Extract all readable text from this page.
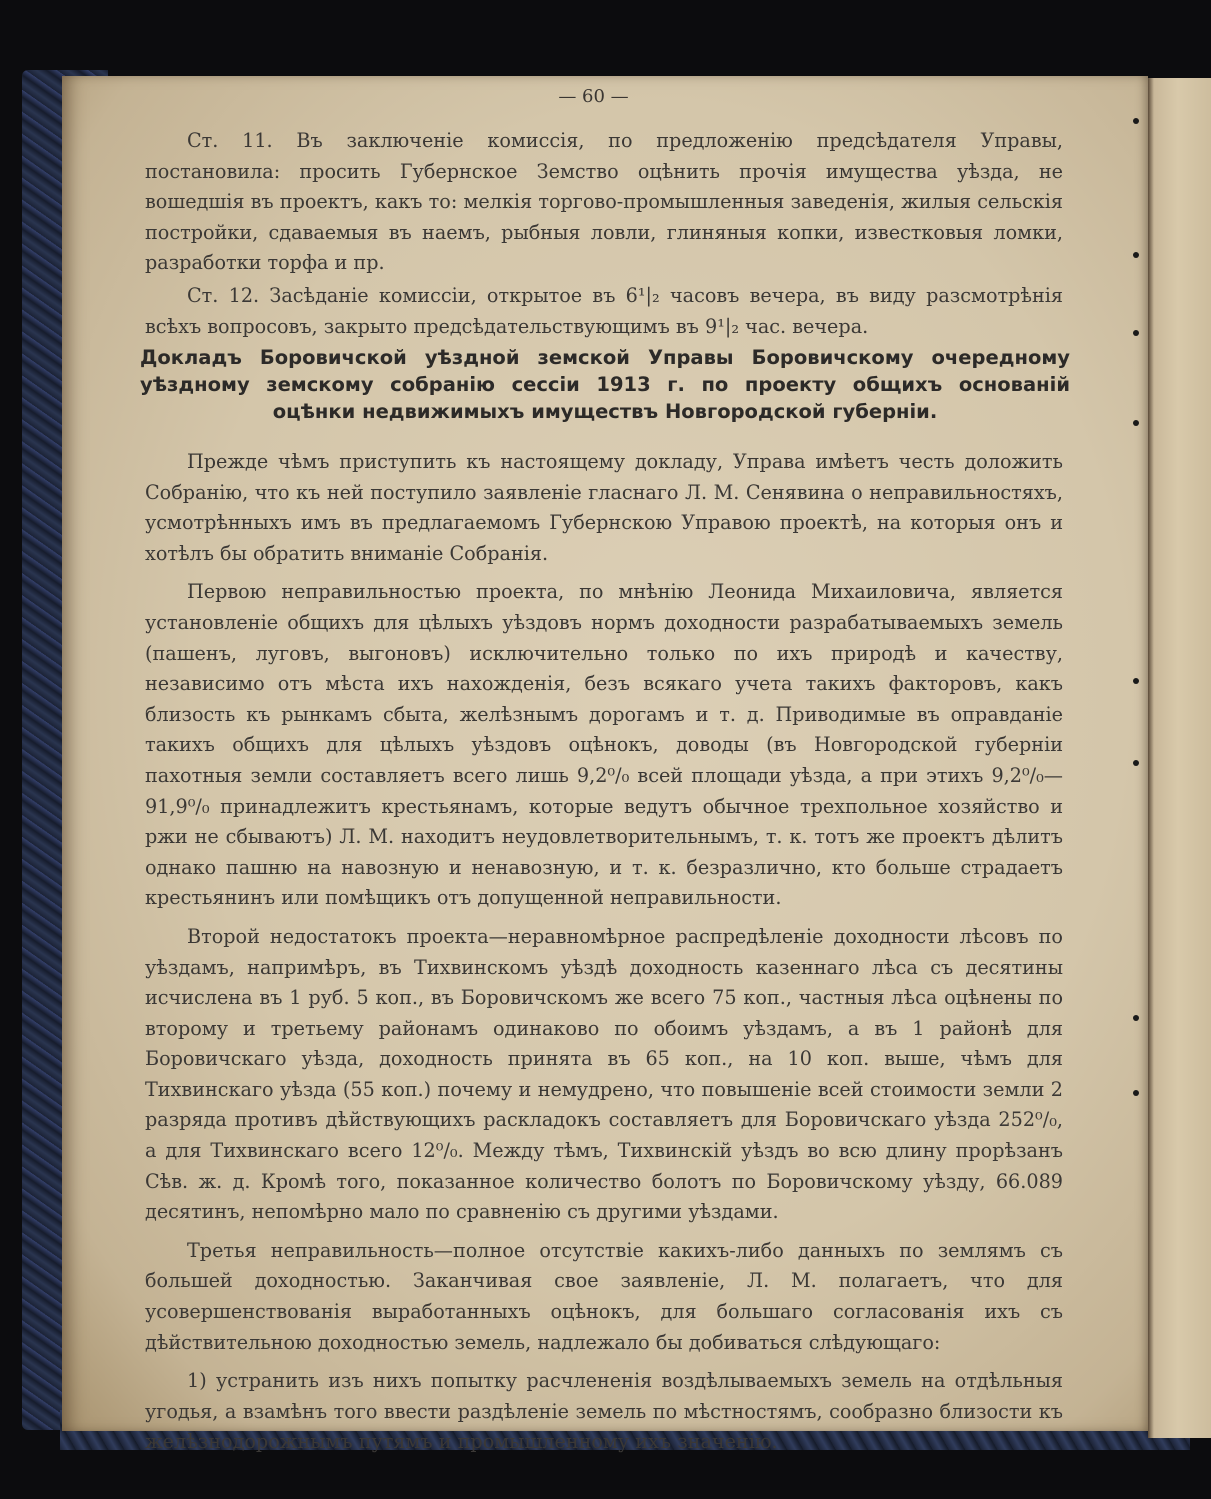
— 60 —

Ст. 11. Въ заключеніе комиссія, по предложенію предсѣдателя Управы, постановила: просить Губернское Земство оцѣнить прочія имущества уѣзда, не вошедшія въ проектъ, какъ то: мелкія торгово-промышленныя заведенія, жилыя сельскія постройки, сдаваемыя въ наемъ, рыбныя ловли, глиняныя копки, известковыя ломки, разработки торфа и пр.

Ст. 12. Засѣданіе комиссіи, открытое въ 6¹|₂ часовъ вечера, въ виду разсмотрѣнія всѣхъ вопросовъ, закрыто предсѣдательствующимъ въ 9¹|₂ час. вечера.

Докладъ Боровичской уѣздной земской Управы Боровичскому очередному
уѣздному земскому собранію сессіи 1913 г. по проекту общихъ основаній
оцѣнки недвижимыхъ имуществъ Новгородской губерніи.

Прежде чѣмъ приступить къ настоящему докладу, Управа имѣетъ честь доложить Собранію, что къ ней поступило заявленіе гласнаго Л. М. Сенявина о неправильностяхъ, усмотрѣнныхъ имъ въ предлагаемомъ Губернскою Управою проектѣ, на которыя онъ и хотѣлъ бы обратить вниманіе Собранія.

Первою неправильностью проекта, по мнѣнію Леонида Михаиловича, является установленіе общихъ для цѣлыхъ уѣздовъ нормъ доходности разрабатываемыхъ земель (пашенъ, луговъ, выгоновъ) исключительно только по ихъ природѣ и качеству, независимо отъ мѣста ихъ нахожденія, безъ всякаго учета такихъ факторовъ, какъ близость къ рынкамъ сбыта, желѣзнымъ дорогамъ и т. д. Приводимые въ оправданіе такихъ общихъ для цѣлыхъ уѣздовъ оцѣнокъ, доводы (въ Новгородской губерніи пахотныя земли составляетъ всего лишь 9,2⁰/₀ всей площади уѣзда, а при этихъ 9,2⁰/₀—91,9⁰/₀ принадлежитъ крестьянамъ, которые ведутъ обычное трехпольное хозяйство и ржи не сбываютъ) Л. М. находитъ неудовлетворительнымъ, т. к. тотъ же проектъ дѣлитъ однако пашню на навозную и ненавозную, и т. к. безразлично, кто больше страдаетъ крестьянинъ или помѣщикъ отъ допущенной неправильности.

Второй недостатокъ проекта—неравномѣрное распредѣленіе доходности лѣсовъ по уѣздамъ, напримѣръ, въ Тихвинскомъ уѣздѣ доходность казеннаго лѣса съ десятины исчислена въ 1 руб. 5 коп., въ Боровичскомъ же всего 75 коп., частныя лѣса оцѣнены по второму и третьему районамъ одинаково по обоимъ уѣздамъ, а въ 1 районѣ для Боровичскаго уѣзда, доходность принята въ 65 коп., на 10 коп. выше, чѣмъ для Тихвинскаго уѣзда (55 коп.) почему и немудрено, что повышеніе всей стоимости земли 2 разряда противъ дѣйствующихъ раскладокъ составляетъ для Боровичскаго уѣзда 252⁰/₀, а для Тихвинскаго всего 12⁰/₀. Между тѣмъ, Тихвинскій уѣздъ во всю длину прорѣзанъ Сѣв. ж. д. Кромѣ того, показанное количество болотъ по Боровичскому уѣзду, 66.089 десятинъ, непомѣрно мало по сравненію съ другими уѣздами.

Третья неправильность—полное отсутствіе какихъ-либо данныхъ по землямъ съ большей доходностью. Заканчивая свое заявленіе, Л. М. полагаетъ, что для усовершенствованія выработанныхъ оцѣнокъ, для большаго согласованія ихъ съ дѣйствительною доходностью земель, надлежало бы добиваться слѣдующаго:

1) устранить изъ нихъ попытку расчлененія воздѣлываемыхъ земель на отдѣльныя угодья, а взамѣнъ того ввести раздѣленіе земель по мѣстностямъ, сообразно близости къ желѣзнодорожнымъ путямъ и промышленному ихъ значенію.
